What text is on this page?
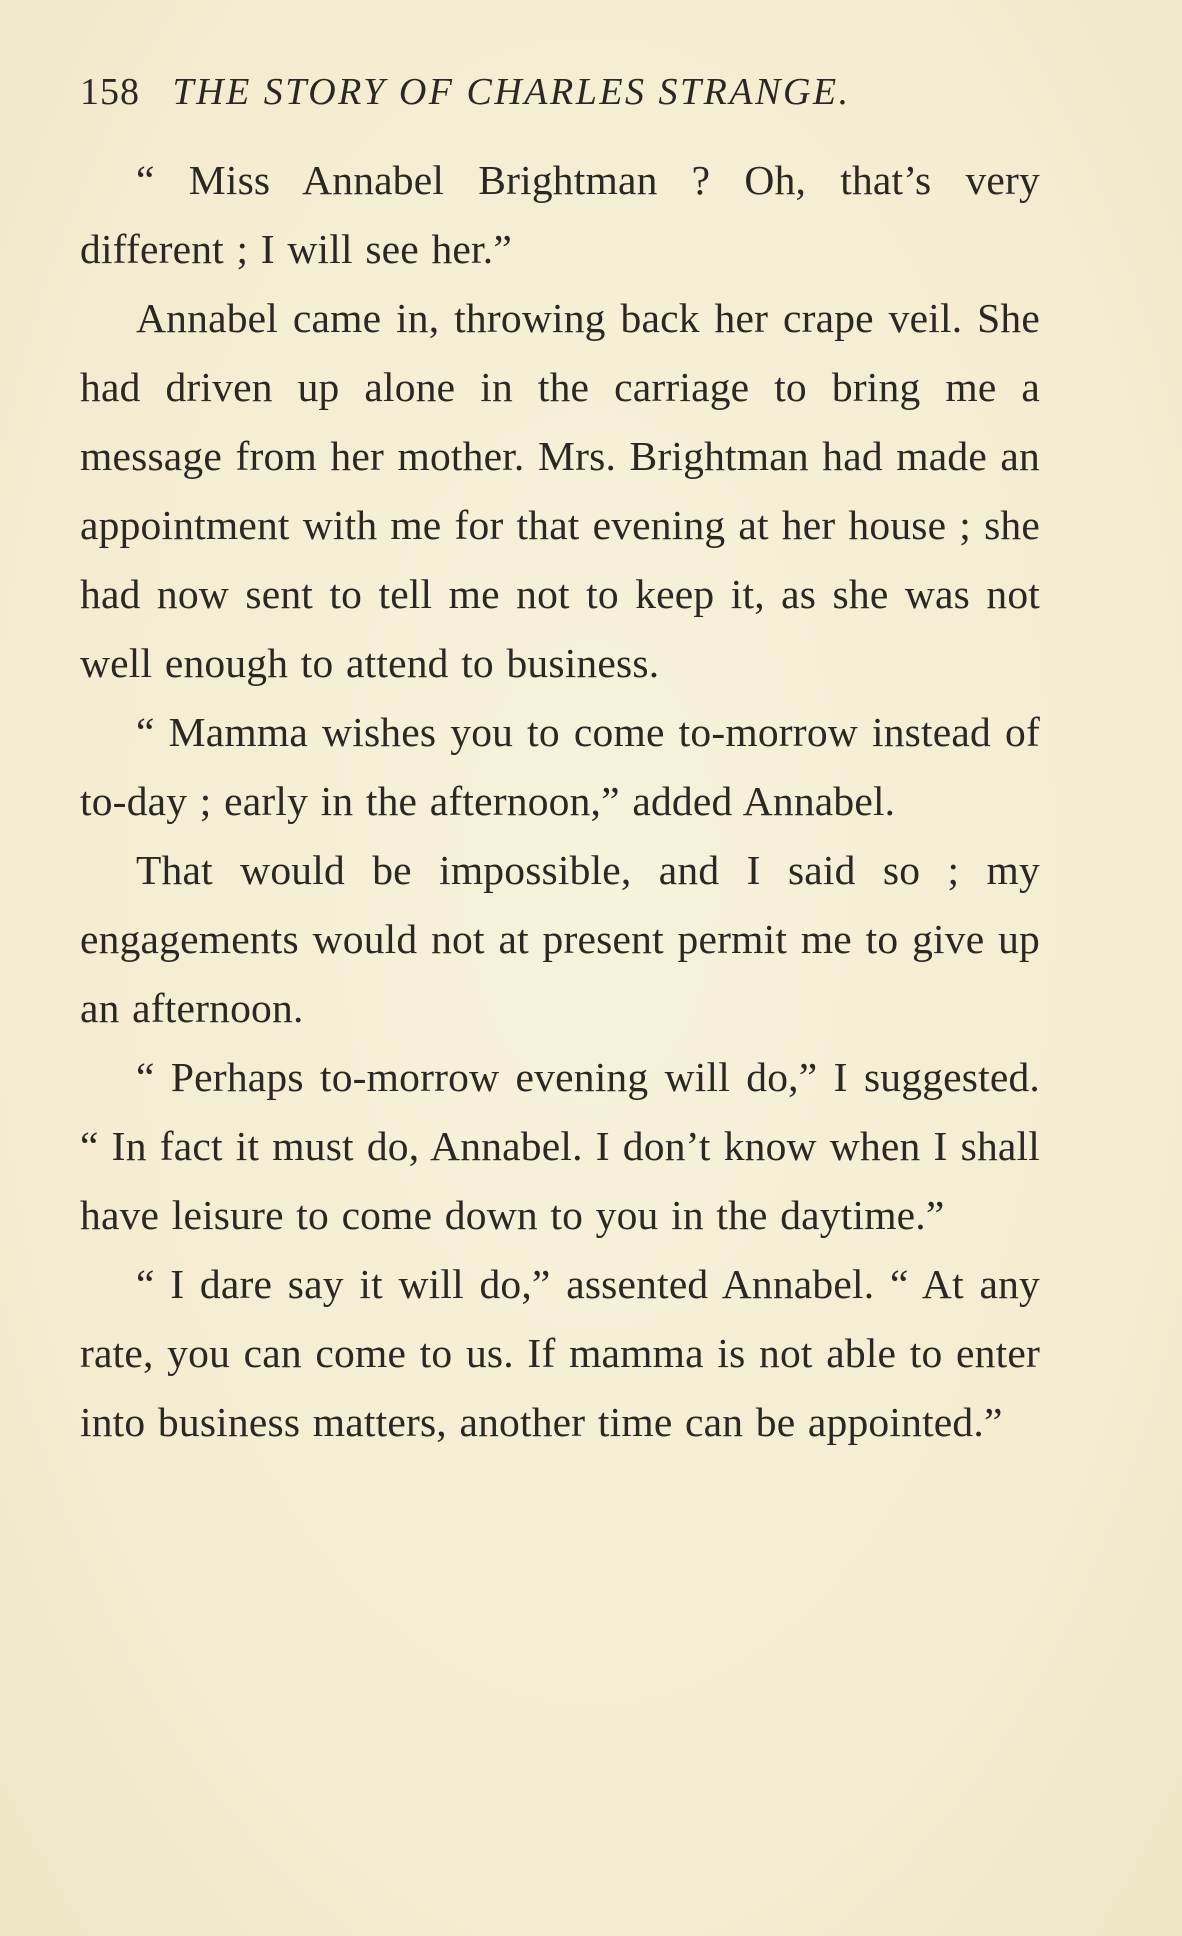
158 THE STORY OF CHARLES STRANGE.

“ Miss Annabel Brightman ? Oh, that’s very different ; I will see her.”

Annabel came in, throwing back her crape veil. She had driven up alone in the carriage to bring me a message from her mother. Mrs. Brightman had made an appointment with me for that evening at her house ; she had now sent to tell me not to keep it, as she was not well enough to attend to business.

“ Mamma wishes you to come to-morrow instead of to-day ; early in the afternoon,” added Annabel.

That would be impossible, and I said so ; my engagements would not at present permit me to give up an afternoon.

“ Perhaps to-morrow evening will do,” I suggested. “ In fact it must do, Annabel. I don’t know when I shall have leisure to come down to you in the daytime.”

“ I dare say it will do,” assented Annabel. “ At any rate, you can come to us. If mamma is not able to enter into business matters, another time can be appointed.”
